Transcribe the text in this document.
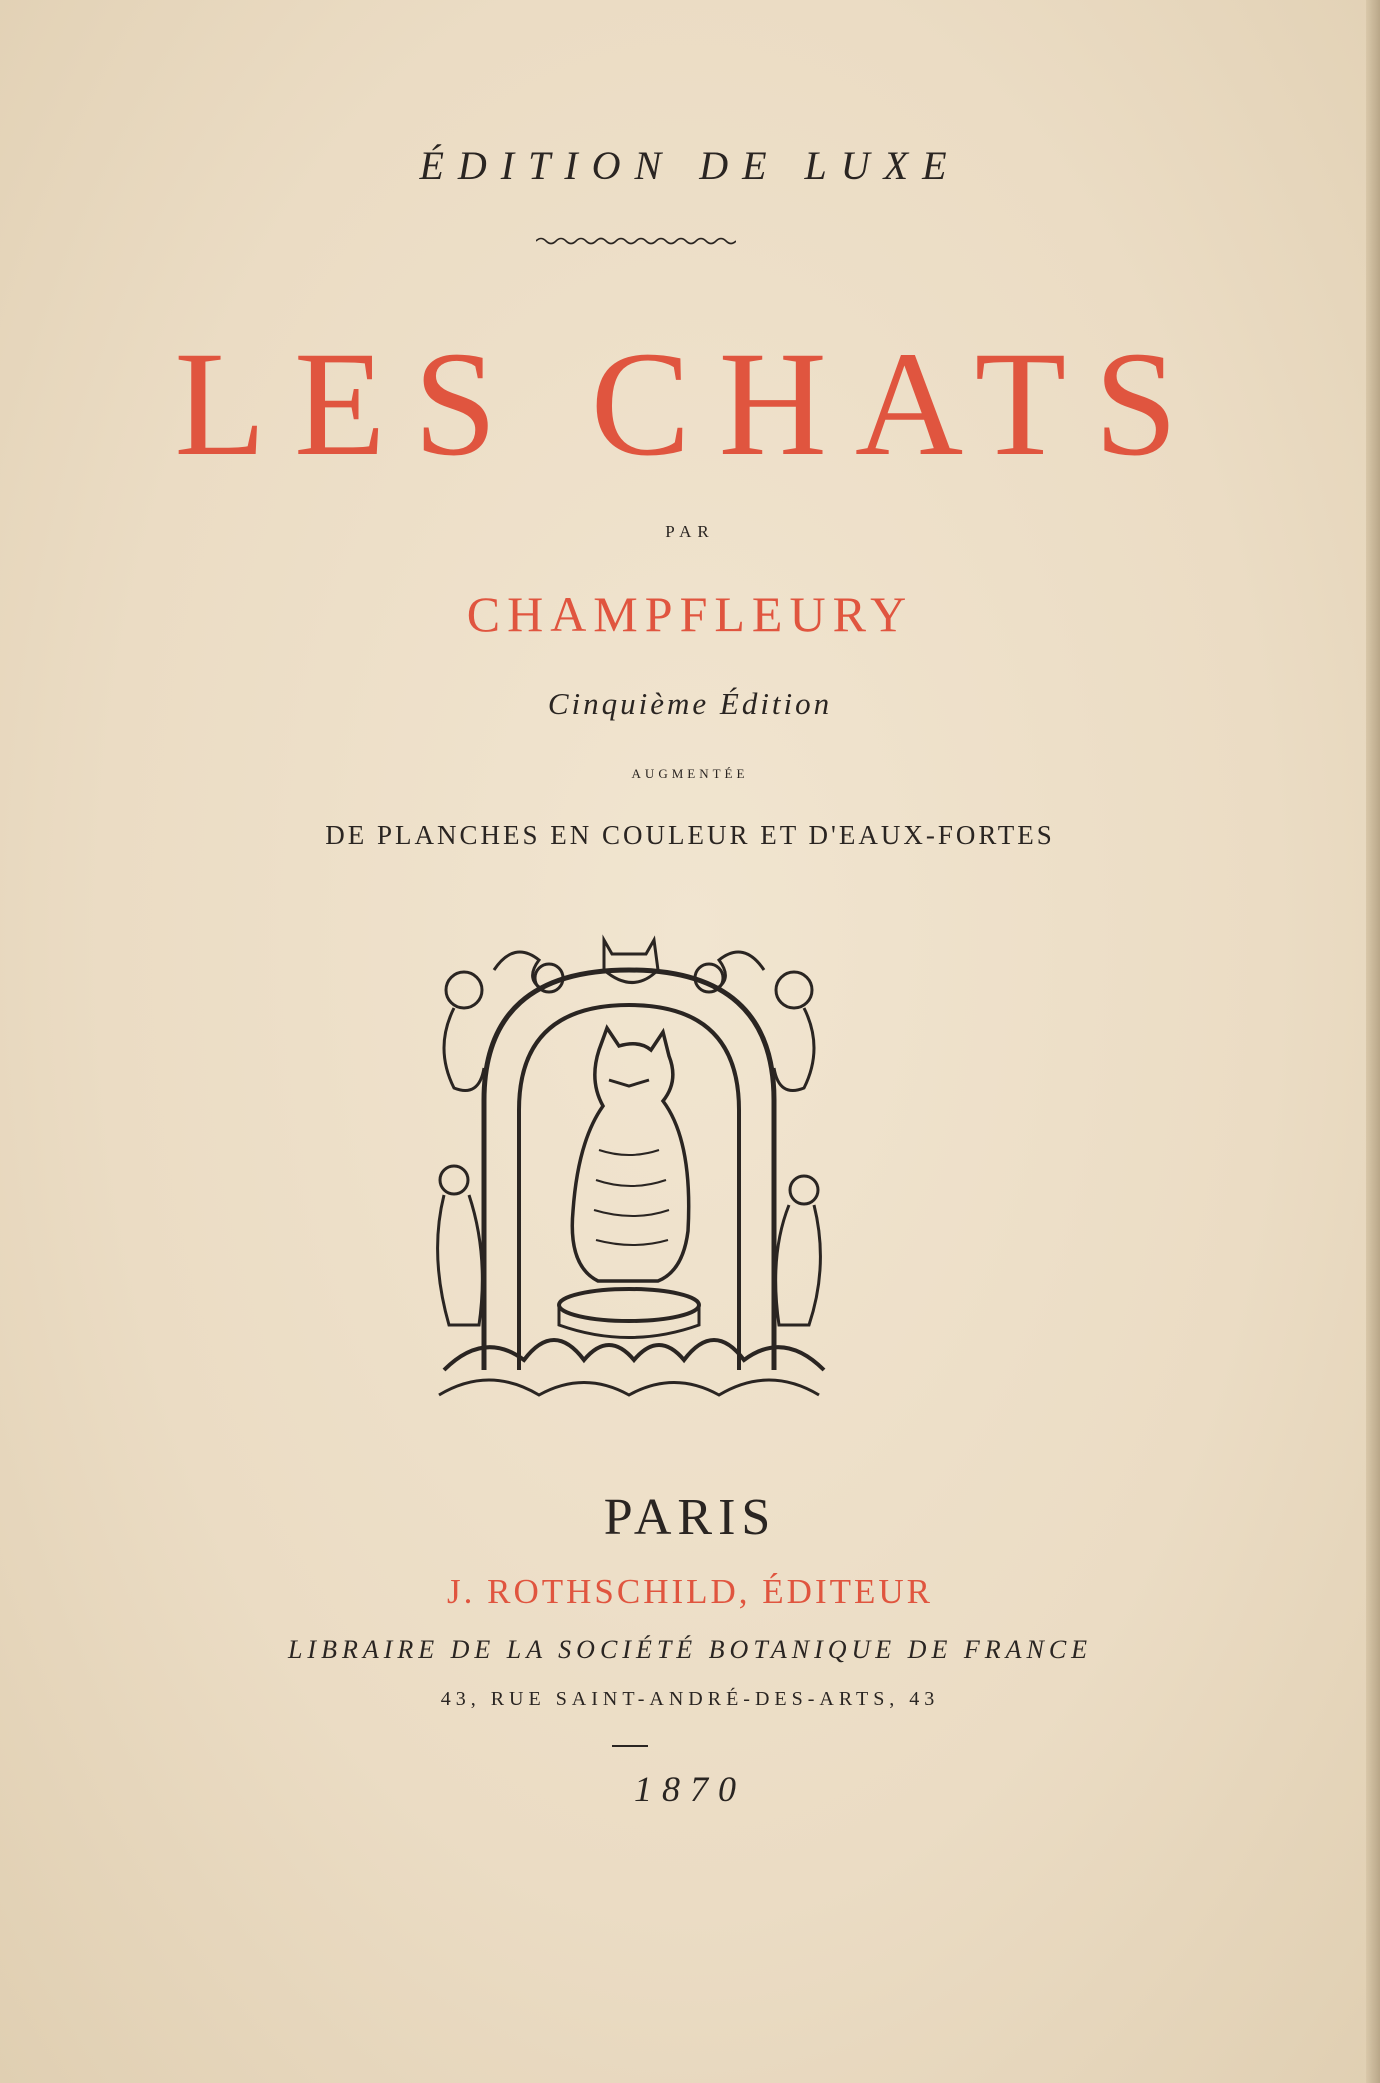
ÉDITION DE LUXE
LES CHATS
PAR
CHAMPFLEURY
Cinquième Édition
AUGMENTÉE
DE PLANCHES EN COULEUR ET D'EAUX-FORTES
PARIS
J. ROTHSCHILD, ÉDITEUR
LIBRAIRE DE LA SOCIÉTÉ BOTANIQUE DE FRANCE
43, RUE SAINT-ANDRÉ-DES-ARTS, 43
1870
